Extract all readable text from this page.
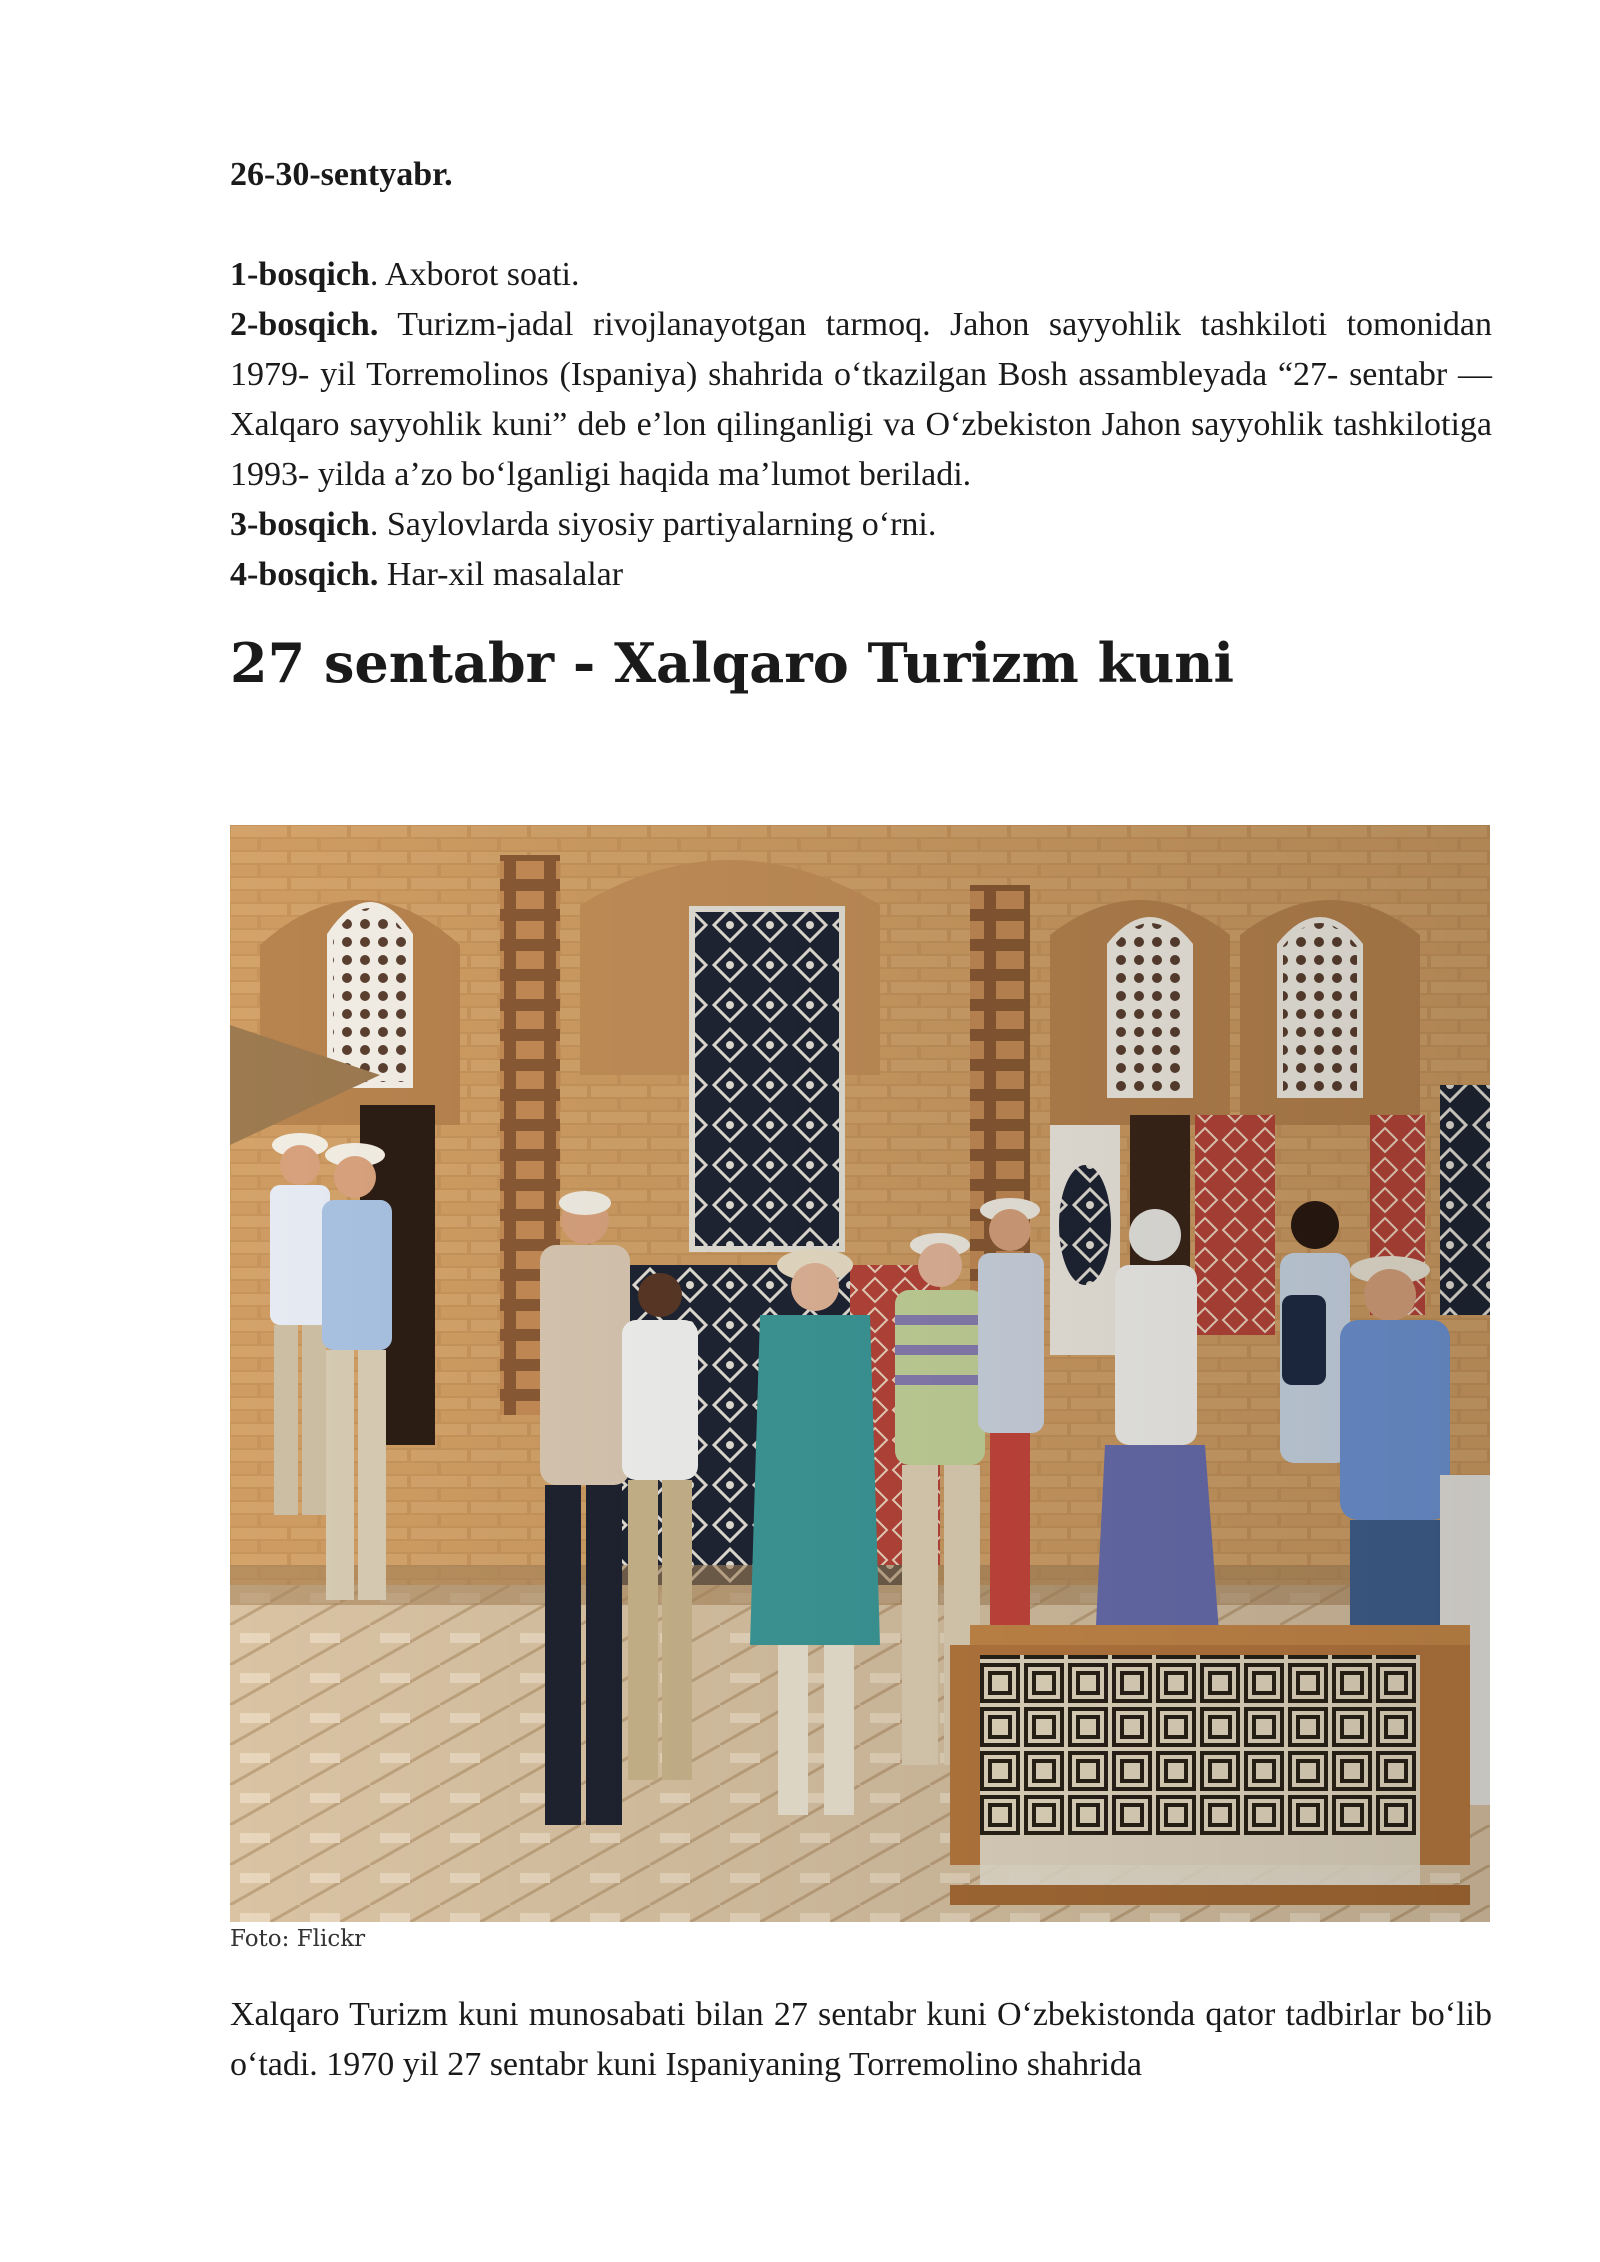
26-30-sentyabr.

1-bosqich. Axborot soati.

2-bosqich. Turizm-jadal rivojlanayotgan tarmoq. Jahon sayyohlik tashkiloti tomonidan 1979- yil Torremolinos (Ispaniya) shahrida o‘tkazilgan Bosh assambleyada “27- sentabr — Xalqaro sayyohlik kuni” deb e’lon qilinganligi va O‘zbekiston Jahon sayyohlik tashkilotiga 1993- yilda a’zo bo‘lganligi haqida ma’lumot beriladi.

3-bosqich. Saylovlarda siyosiy partiyalarning o‘rni.

4-bosqich. Har-xil masalalar

27 sentabr - Xalqaro Turizm kuni
Foto: Flickr

Xalqaro Turizm kuni munosabati bilan 27 sentabr kuni O‘zbekistonda qator tadbirlar bo‘lib o‘tadi. 1970 yil 27 sentabr kuni Ispaniyaning Torremolino shahrida
